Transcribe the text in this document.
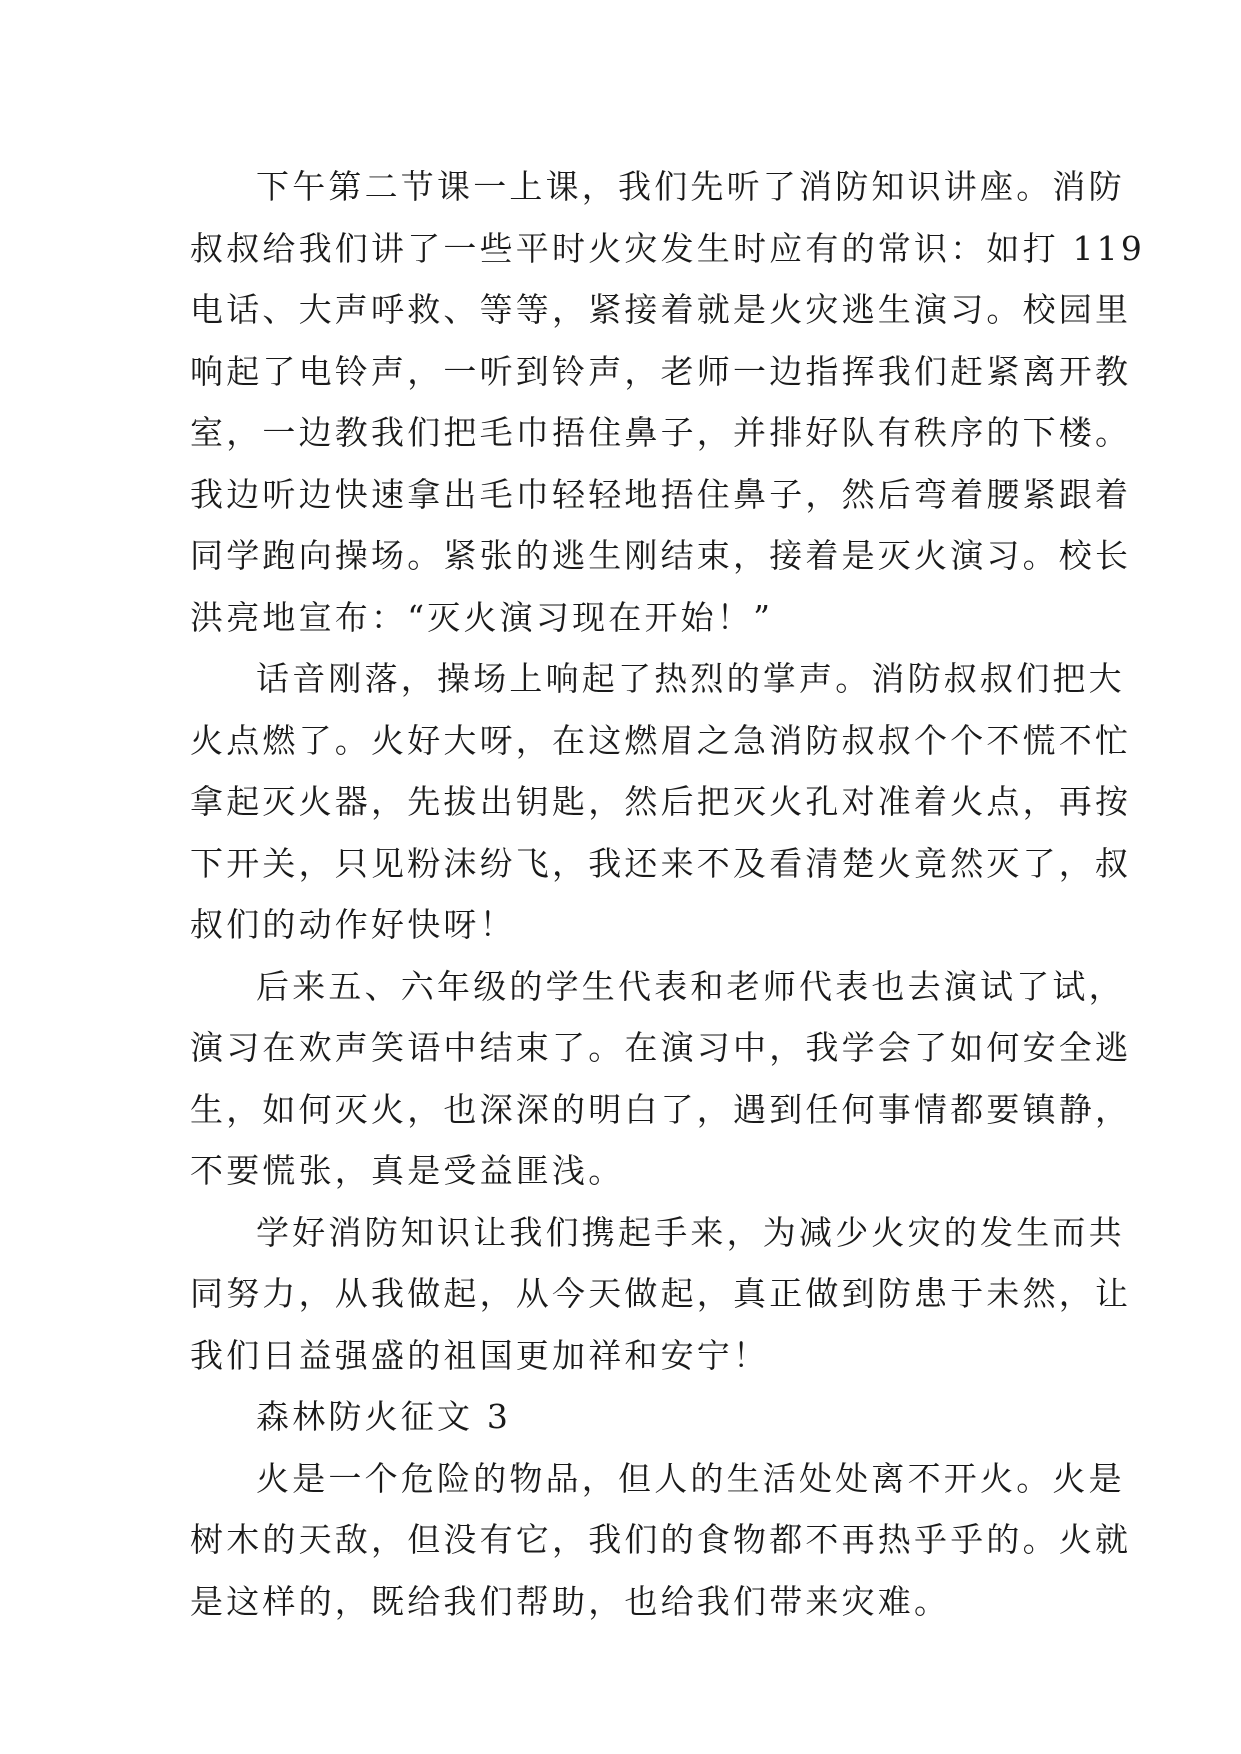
下午第二节课一上课，我们先听了消防知识讲座。消防
叔叔给我们讲了一些平时火灾发生时应有的常识：如打 119
电话、大声呼救、等等，紧接着就是火灾逃生演习。校园里
响起了电铃声，一听到铃声，老师一边指挥我们赶紧离开教
室，一边教我们把毛巾捂住鼻子，并排好队有秩序的下楼。
我边听边快速拿出毛巾轻轻地捂住鼻子，然后弯着腰紧跟着
同学跑向操场。紧张的逃生刚结束，接着是灭火演习。校长
洪亮地宣布：“灭火演习现在开始！”

话音刚落，操场上响起了热烈的掌声。消防叔叔们把大
火点燃了。火好大呀，在这燃眉之急消防叔叔个个不慌不忙
拿起灭火器，先拔出钥匙，然后把灭火孔对准着火点，再按
下开关，只见粉沫纷飞，我还来不及看清楚火竟然灭了，叔
叔们的动作好快呀！

后来五、六年级的学生代表和老师代表也去演试了试，
演习在欢声笑语中结束了。在演习中，我学会了如何安全逃
生，如何灭火，也深深的明白了，遇到任何事情都要镇静，
不要慌张，真是受益匪浅。

学好消防知识让我们携起手来，为减少火灾的发生而共
同努力，从我做起，从今天做起，真正做到防患于未然，让
我们日益强盛的祖国更加祥和安宁！

森林防火征文 3

火是一个危险的物品，但人的生活处处离不开火。火是
树木的天敌，但没有它，我们的食物都不再热乎乎的。火就
是这样的，既给我们帮助，也给我们带来灾难。
